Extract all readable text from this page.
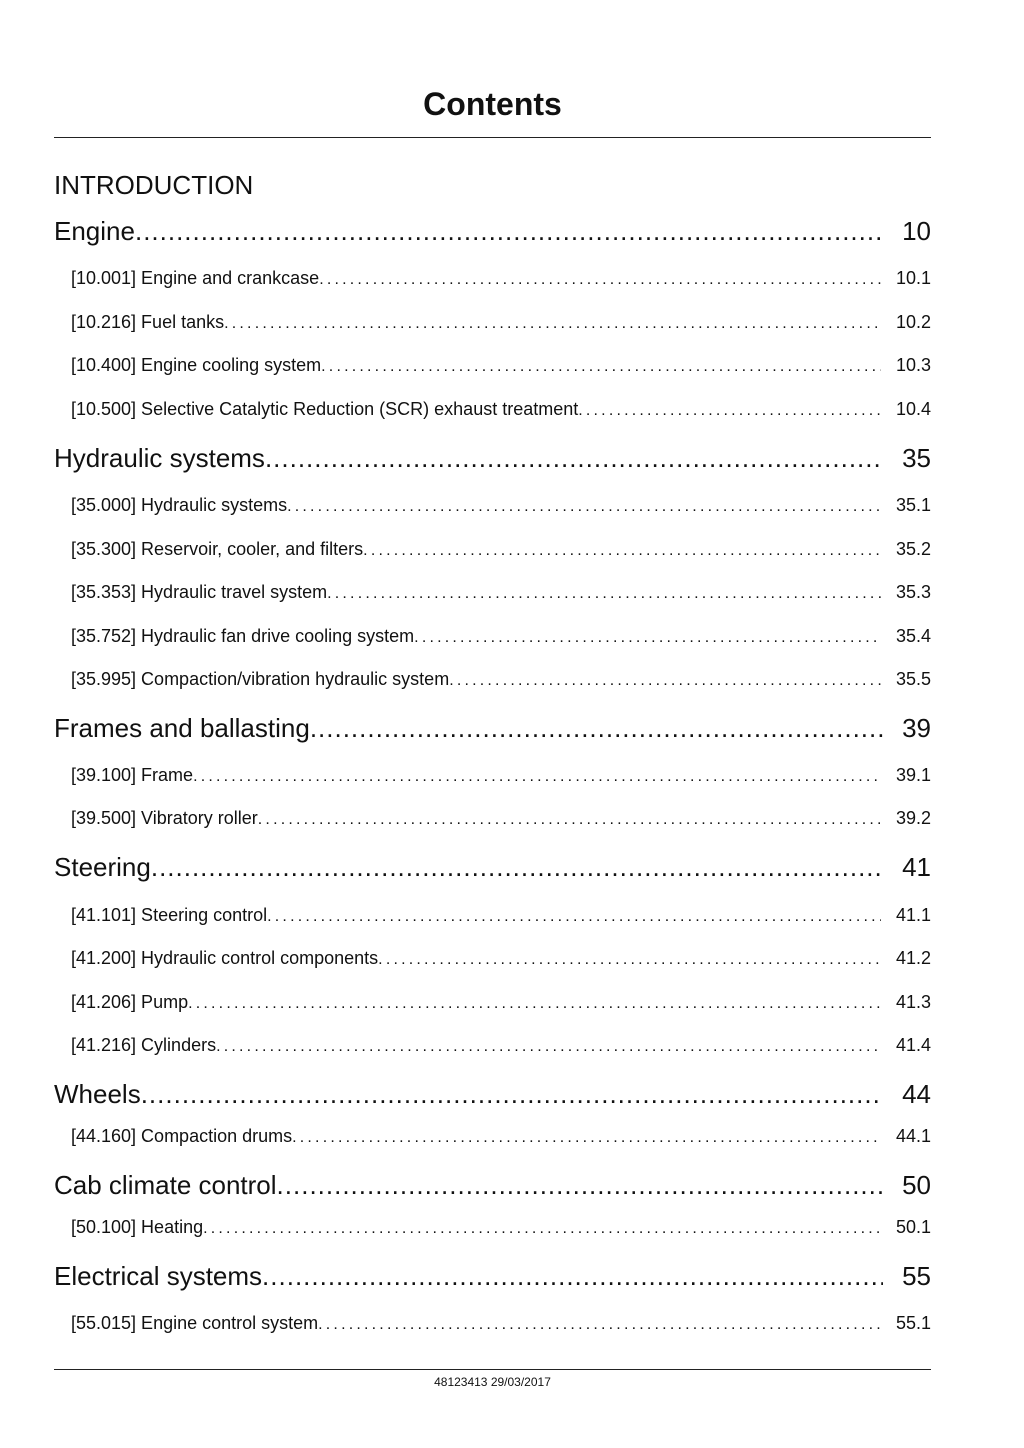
Contents
INTRODUCTION
Engine .....	10
[10.001] Engine and crankcase .....	10.1
[10.216] Fuel tanks .....	10.2
[10.400] Engine cooling system .....	10.3
[10.500] Selective Catalytic Reduction (SCR) exhaust treatment .....	10.4
Hydraulic systems .....	35
[35.000] Hydraulic systems .....	35.1
[35.300] Reservoir, cooler, and filters .....	35.2
[35.353] Hydraulic travel system .....	35.3
[35.752] Hydraulic fan drive cooling system .....	35.4
[35.995] Compaction/vibration hydraulic system .....	35.5
Frames and ballasting .....	39
[39.100] Frame .....	39.1
[39.500] Vibratory roller .....	39.2
Steering .....	41
[41.101] Steering control .....	41.1
[41.200] Hydraulic control components .....	41.2
[41.206] Pump .....	41.3
[41.216] Cylinders .....	41.4
Wheels .....	44
[44.160] Compaction drums .....	44.1
Cab climate control .....	50
[50.100] Heating .....	50.1
Electrical systems .....	55
[55.015] Engine control system .....	55.1
48123413 29/03/2017
